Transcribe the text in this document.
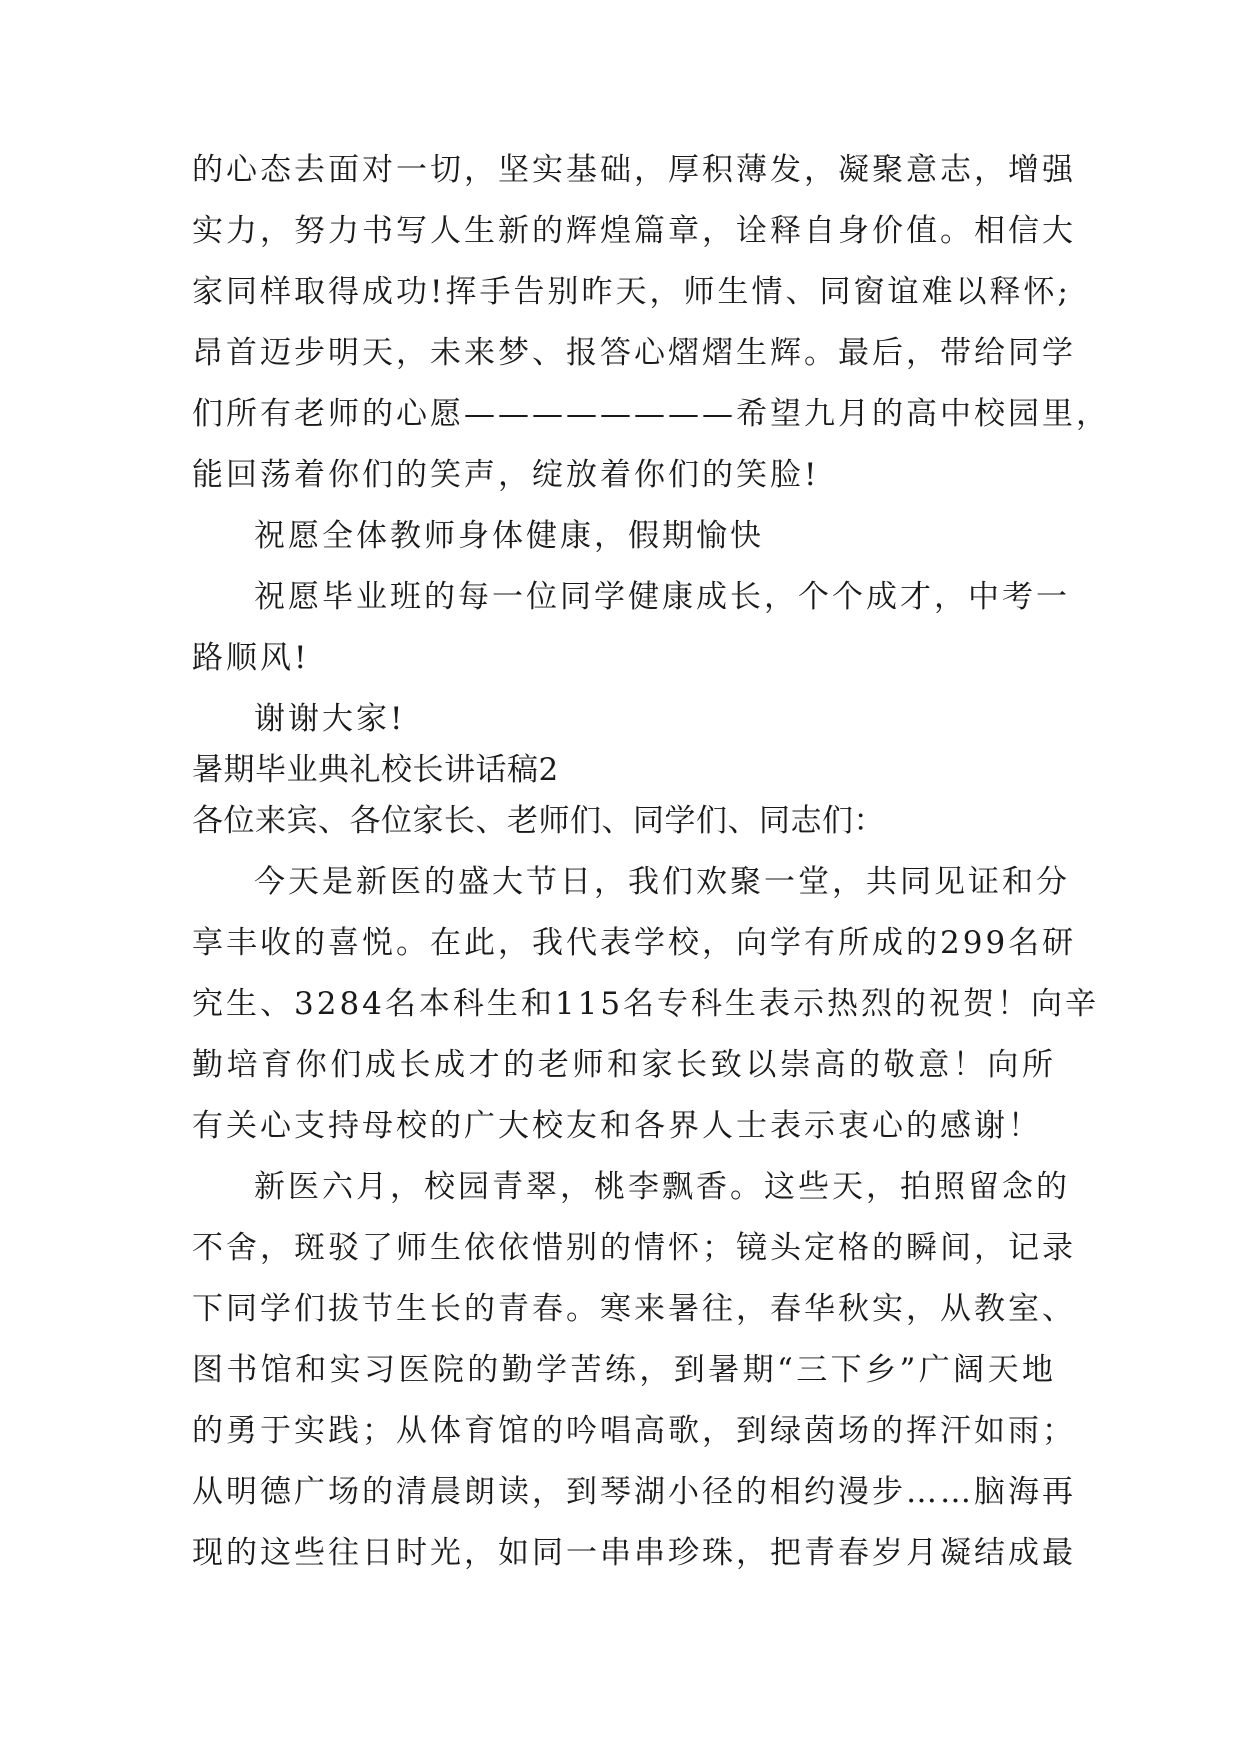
的心态去面对一切，坚实基础，厚积薄发，凝聚意志，增强
实力，努力书写人生新的辉煌篇章，诠释自身价值。相信大
家同样取得成功!挥手告别昨天，师生情、同窗谊难以释怀;
昂首迈步明天，未来梦、报答心熠熠生辉。最后，带给同学
们所有老师的心愿————————希望九月的高中校园里，
能回荡着你们的笑声，绽放着你们的笑脸!
祝愿全体教师身体健康，假期愉快
祝愿毕业班的每一位同学健康成长，个个成才，中考一
路顺风!
谢谢大家!
暑期毕业典礼校长讲话稿2
各位来宾、各位家长、老师们、同学们、同志们：
今天是新医的盛大节日，我们欢聚一堂，共同见证和分
享丰收的喜悦。在此，我代表学校，向学有所成的299名研
究生、3284名本科生和115名专科生表示热烈的祝贺！向辛
勤培育你们成长成才的老师和家长致以崇高的敬意！向所
有关心支持母校的广大校友和各界人士表示衷心的感谢！
新医六月，校园青翠，桃李飘香。这些天，拍照留念的
不舍，斑驳了师生依依惜别的情怀；镜头定格的瞬间，记录
下同学们拔节生长的青春。寒来暑往，春华秋实，从教室、
图书馆和实习医院的勤学苦练，到暑期“三下乡”广阔天地
的勇于实践；从体育馆的吟唱高歌，到绿茵场的挥汗如雨；
从明德广场的清晨朗读，到琴湖小径的相约漫步……脑海再
现的这些往日时光，如同一串串珍珠，把青春岁月凝结成最
